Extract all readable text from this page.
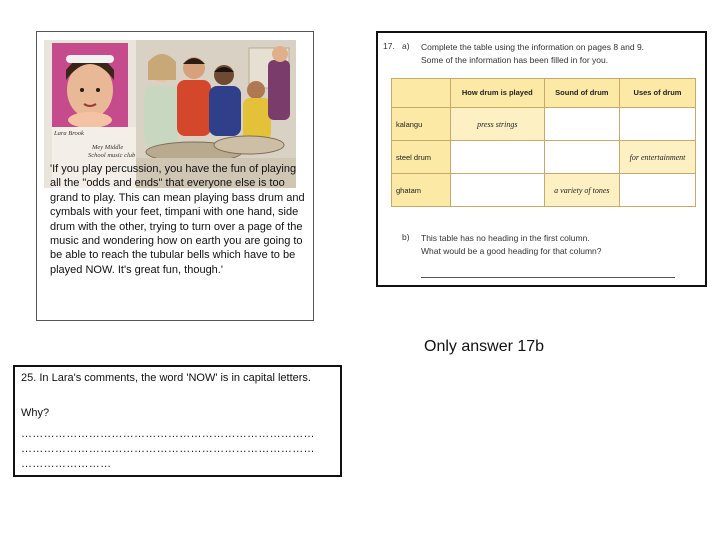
Lara Brook
Mey Middle
School music club
'If you play percussion, you have the fun of playing all the "odds and ends" that everyone else is too grand to play. This can mean playing bass drum and cymbals with your feet, timpani with one hand, side drum with the other, trying to turn over a page of the music and wondering how on earth you are going to be able to reach the tubular bells which have to be played NOW. It's great fun, though.'
17. a) Complete the table using the information on pages 8 and 9.
Some of the information has been filled in for you.
	How drum is played	Sound of drum	Uses of drum
kalangu	press strings		
steel drum			for entertainment
ghatam		a variety of tones	
b) This table has no heading in the first column.
What would be a good heading for that column?
Only answer 17b
25. In Lara's comments, the word 'NOW' is in capital letters.
Why?
……………………………………………………………………
……………………………………………………………………
……………………
